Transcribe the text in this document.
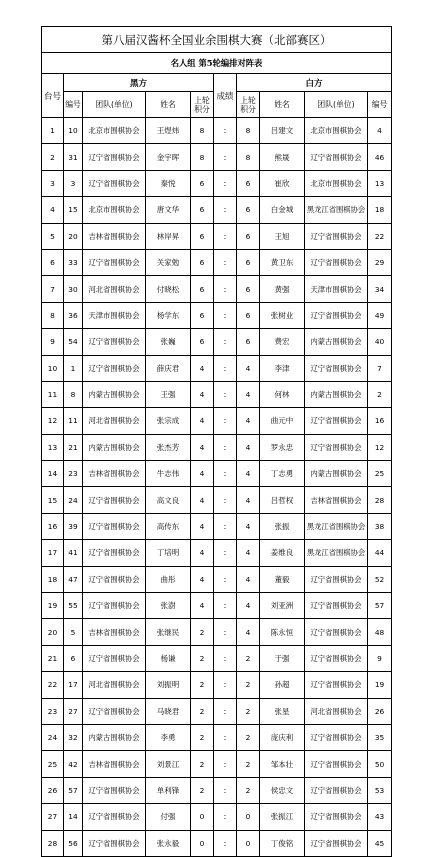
第八届汉酱杯全国业余围棋大赛（北部赛区）									
名人组 第5轮编排对阵表									
台号	黑方				成绩	白方			
	编号	团队(单位)	姓名	上轮积分		上轮积分	姓名	团队(单位)	编号
1	10	北京市围棋协会	王煜炜	8	:	8	吕建文	北京市围棋协会	4
2	31	辽宁省围棋协会	金宇晖	8	:	8	熊晟	辽宁省围棋协会	46
3	3	辽宁省围棋协会	秦悦	6	:	6	崔欣	北京市围棋协会	13
4	15	北京市围棋协会	唐文华	6	:	6	白金城	黑龙江省围棋协会	18
5	20	吉林省围棋协会	林岸昇	6	:	6	王旭	辽宁省围棋协会	22
6	33	辽宁省围棋协会	关家勉	6	:	6	黄卫东	辽宁省围棋协会	29
7	30	河北省围棋协会	付晓松	6	:	6	黄强	天津市围棋协会	34
8	36	天津市围棋协会	杨学东	6	:	6	张树业	辽宁省围棋协会	49
9	54	辽宁省围棋协会	张巍	6	:	6	费宏	内蒙古围棋协会	40
10	1	辽宁省围棋协会	薛庆君	4	:	4	李津	辽宁省围棋协会	7
11	8	内蒙古围棋协会	王强	4	:	4	何林	内蒙古围棋协会	2
12	11	河北省围棋协会	张宗成	4	:	4	曲元中	辽宁省围棋协会	16
13	21	内蒙古围棋协会	张杰芳	4	:	4	罗永忠	辽宁省围棋协会	12
14	23	吉林省围棋协会	牛志伟	4	:	4	丁志勇	内蒙古围棋协会	25
15	24	辽宁省围棋协会	高文良	4	:	4	吕哲权	吉林省围棋协会	28
16	39	辽宁省围棋协会	高传东	4	:	4	张振	黑龙江省围棋协会	38
17	41	辽宁省围棋协会	丁培明	4	:	4	姜维良	黑龙江省围棋协会	44
18	47	辽宁省围棋协会	曲彤	4	:	4	董毅	辽宁省围棋协会	52
19	55	辽宁省围棋协会	张澍	4	:	4	刘亚洲	辽宁省围棋协会	57
20	5	吉林省围棋协会	张继民	2	:	4	陈永恒	辽宁省围棋协会	48
21	6	辽宁省围棋协会	杨谦	2	:	2	于强	辽宁省围棋协会	9
22	17	河北省围棋协会	刘振明	2	:	2	孙超	辽宁省围棋协会	19
23	27	辽宁省围棋协会	马晓君	2	:	2	张星	河北省围棋协会	26
24	32	内蒙古围棋协会	李勇	2	:	2	庞庆利	辽宁省围棋协会	35
25	42	吉林省围棋协会	刘景江	2	:	2	邹本壮	辽宁省围棋协会	50
26	57	辽宁省围棋协会	单利锋	2	:	2	侯忠文	辽宁省围棋协会	53
27	14	辽宁省围棋协会	付强	0	:	0	张振江	辽宁省围棋协会	43
28	56	辽宁省围棋协会	张永毅	0	:	0	丁俊铭	辽宁省围棋协会	45
